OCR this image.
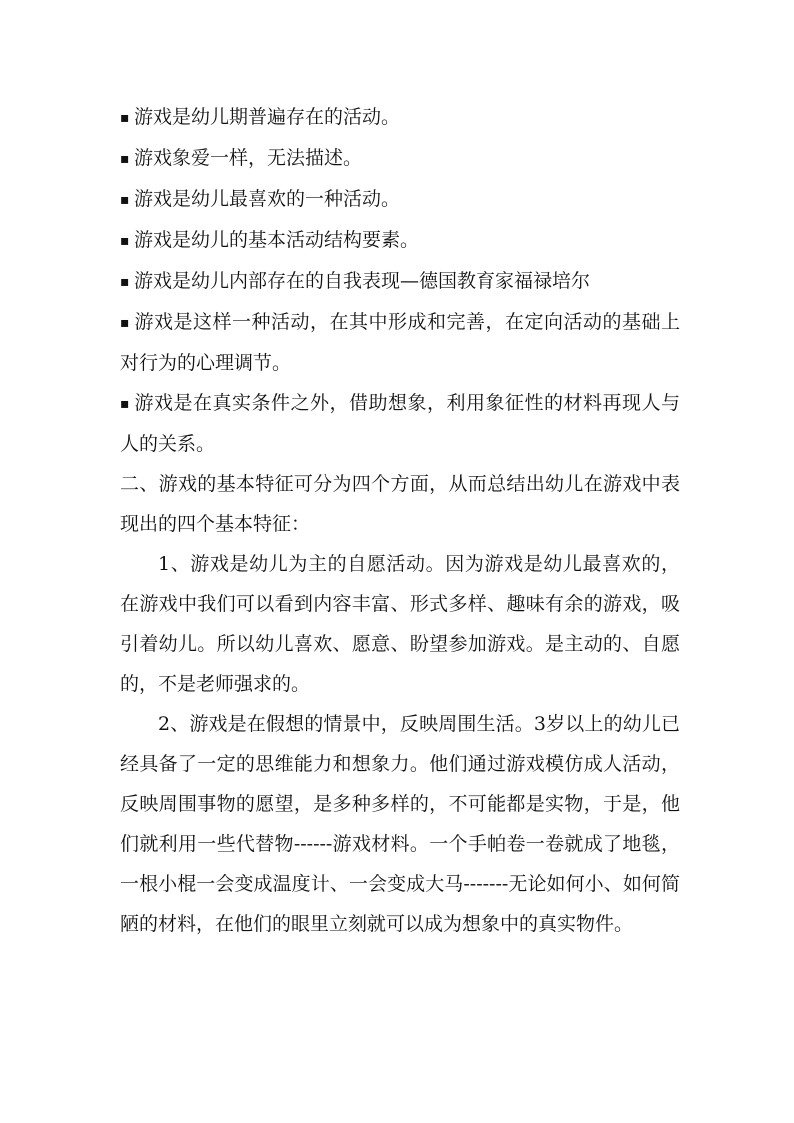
▪ 游戏是幼儿期普遍存在的活动。

▪ 游戏象爱一样，无法描述。

▪ 游戏是幼儿最喜欢的一种活动。

▪ 游戏是幼儿的基本活动结构要素。

▪ 游戏是幼儿内部存在的自我表现—德国教育家福禄培尔

▪ 游戏是这样一种活动，在其中形成和完善，在定向活动的基础上对行为的心理调节。

▪ 游戏是在真实条件之外，借助想象，利用象征性的材料再现人与人的关系。

二、游戏的基本特征可分为四个方面，从而总结出幼儿在游戏中表现出的四个基本特征：

1、游戏是幼儿为主的自愿活动。因为游戏是幼儿最喜欢的，在游戏中我们可以看到内容丰富、形式多样、趣味有余的游戏，吸引着幼儿。所以幼儿喜欢、愿意、盼望参加游戏。是主动的、自愿的，不是老师强求的。

2、游戏是在假想的情景中，反映周围生活。3岁以上的幼儿已经具备了一定的思维能力和想象力。他们通过游戏模仿成人活动，反映周围事物的愿望，是多种多样的，不可能都是实物，于是，他们就利用一些代替物------游戏材料。一个手帕卷一卷就成了地毯，一根小棍一会变成温度计、一会变成大马-------无论如何小、如何简陋的材料，在他们的眼里立刻就可以成为想象中的真实物件。
